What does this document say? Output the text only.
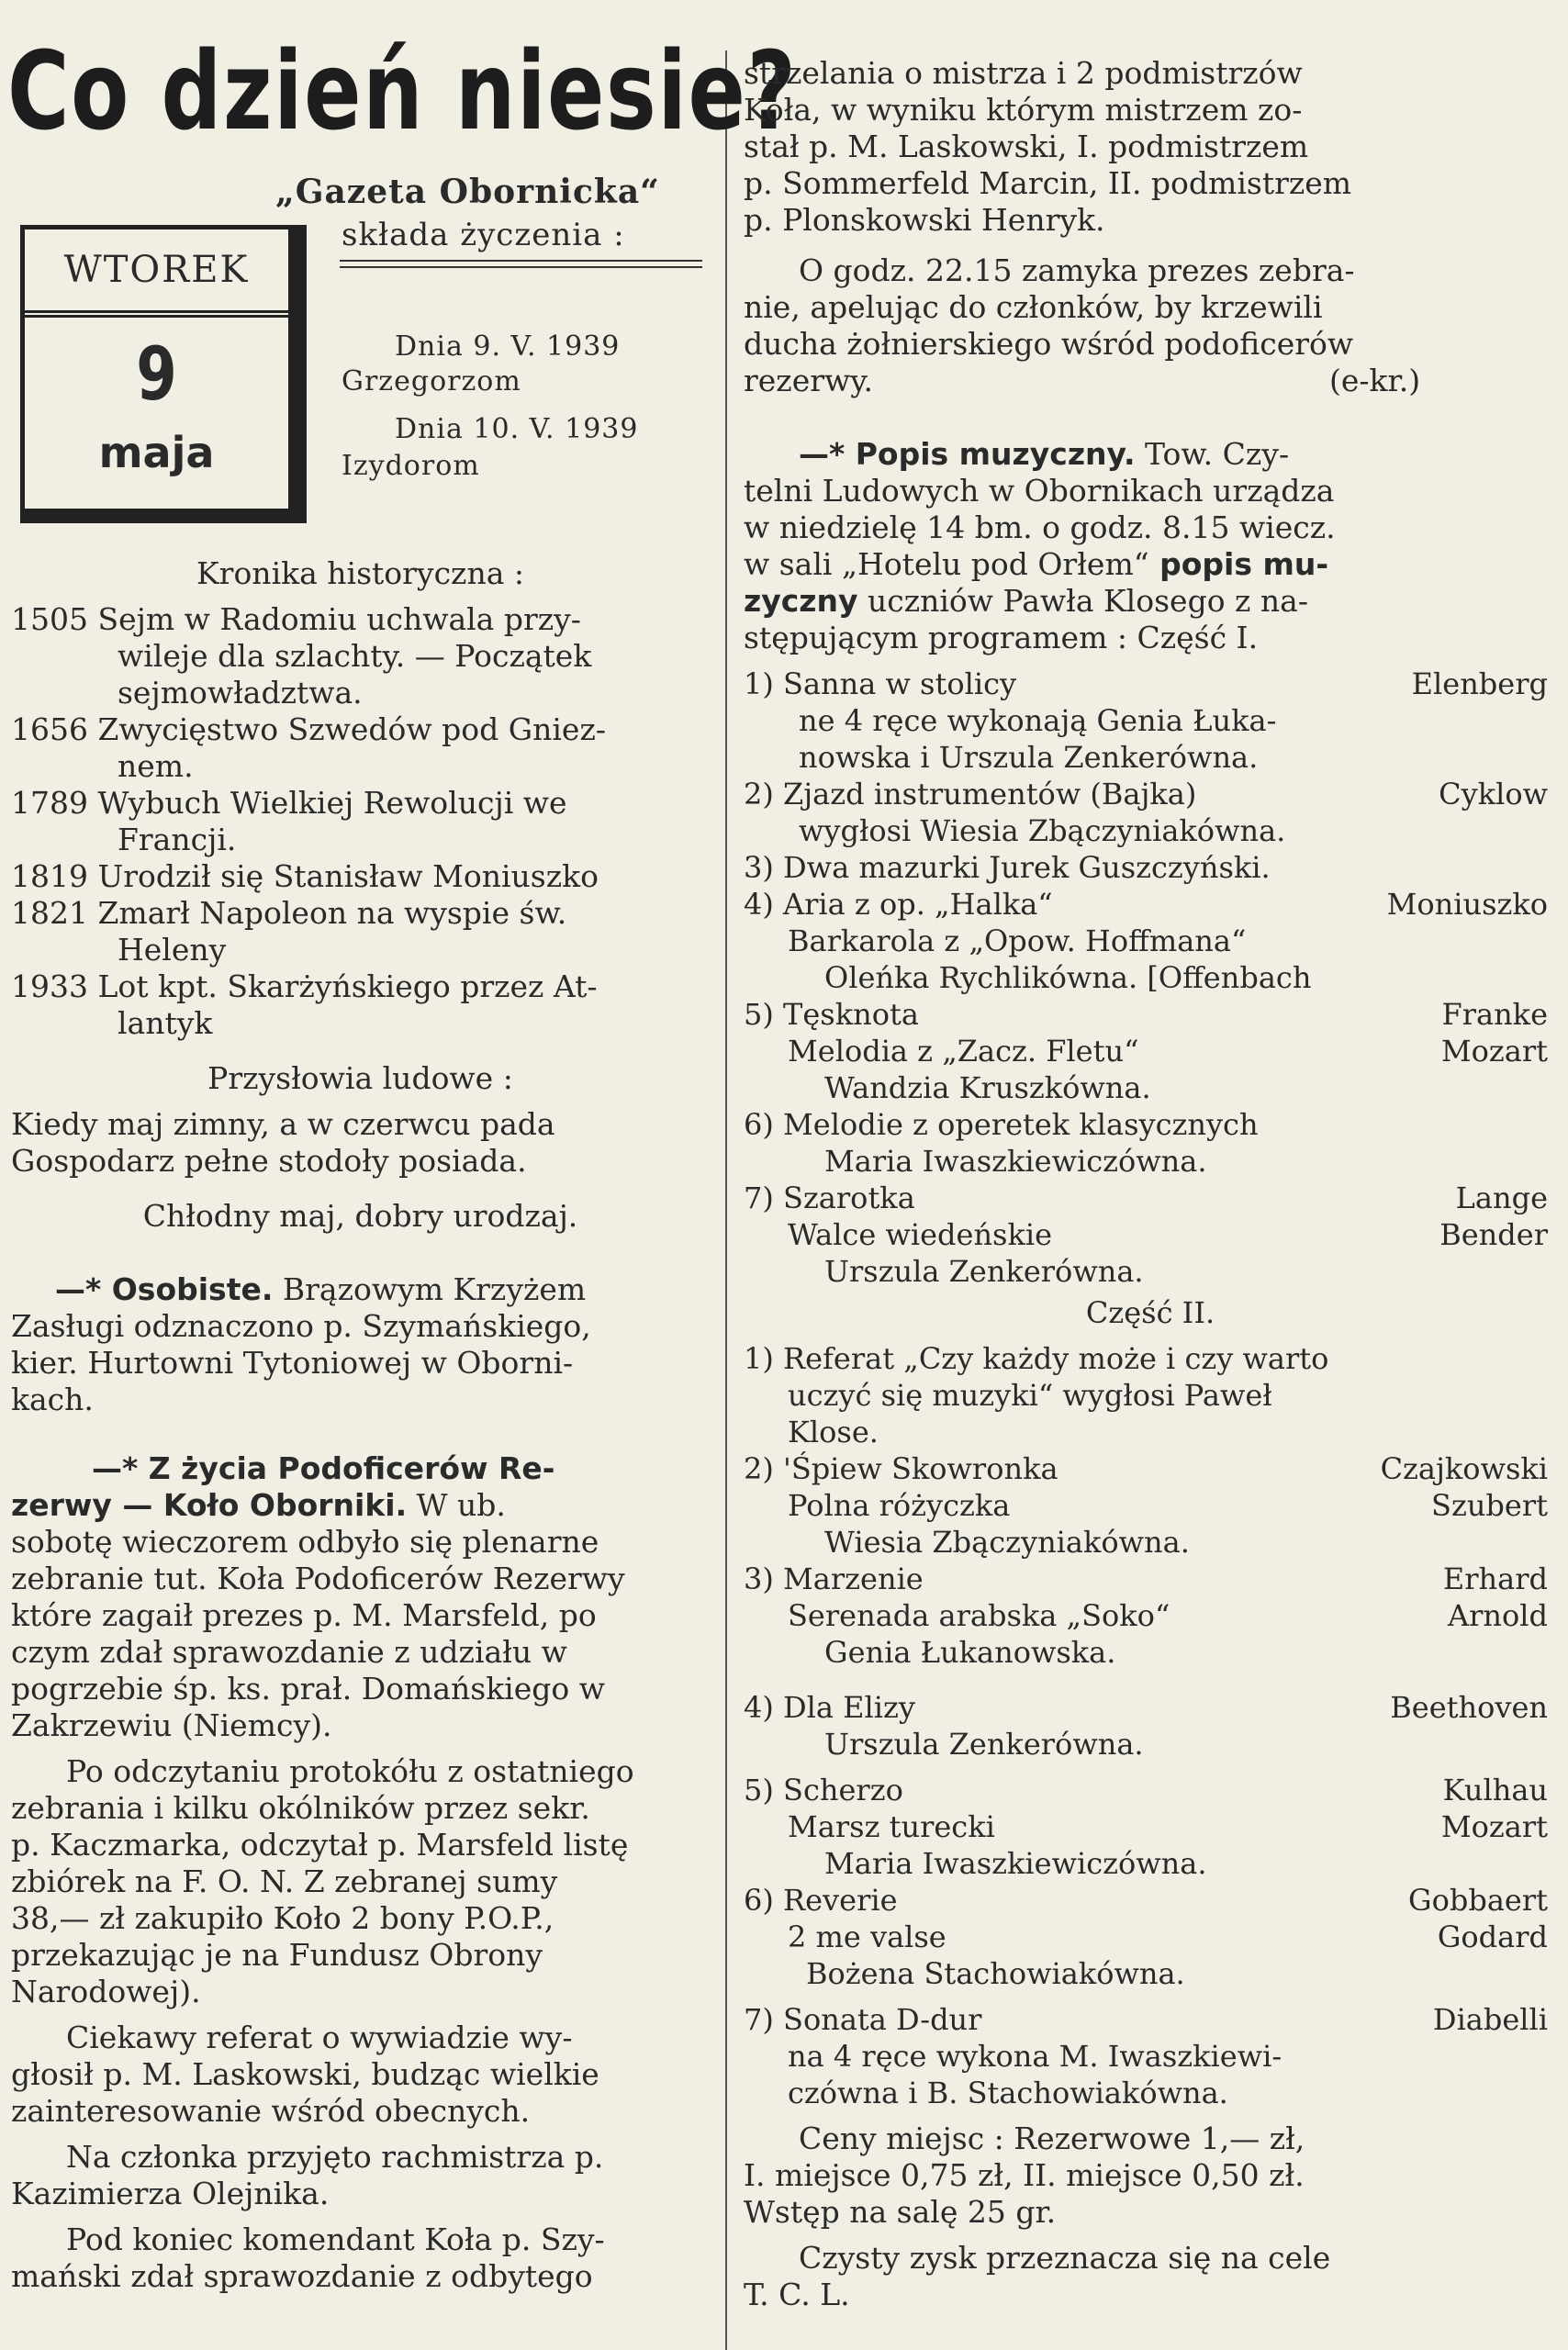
Co dzień niesie?
„Gazeta Obornicka“
składa życzenia :
WTOREK
9
maja
Dnia 9. V. 1939
Grzegorzom
Dnia 10. V. 1939
Izydorom
Kronika historyczna :
1505 Sejm w Radomiu uchwala przy-
wileje dla szlachty. — Początek
sejmowładztwa.
1656 Zwycięstwo Szwedów pod Gniez-
nem.
1789 Wybuch Wielkiej Rewolucji we
Francji.
1819 Urodził się Stanisław Moniuszko
1821 Zmarł Napoleon na wyspie św.
Heleny
1933 Lot kpt. Skarżyńskiego przez At-
lantyk
Przysłowia ludowe :
Kiedy maj zimny, a w czerwcu pada
Gospodarz pełne stodoły posiada.
Chłodny maj, dobry urodzaj.
—* Osobiste. Brązowym Krzyżem
Zasługi odznaczono p. Szymańskiego,
kier. Hurtowni Tytoniowej w Oborni-
kach.
—* Z życia Podoficerów Re-
zerwy — Koło Oborniki. W ub.
sobotę wieczorem odbyło się plenarne
zebranie tut. Koła Podoficerów Rezerwy
które zagaił prezes p. M. Marsfeld, po
czym zdał sprawozdanie z udziału w
pogrzebie śp. ks. prał. Domańskiego w
Zakrzewiu (Niemcy).
Po odczytaniu protokółu z ostatniego
zebrania i kilku okólników przez sekr.
p. Kaczmarka, odczytał p. Marsfeld listę
zbiórek na F. O. N. Z zebranej sumy
38,— zł zakupiło Koło 2 bony P.O.P.,
przekazując je na Fundusz Obrony
Narodowej).
Ciekawy referat o wywiadzie wy-
głosił p. M. Laskowski, budząc wielkie
zainteresowanie wśród obecnych.
Na członka przyjęto rachmistrza p.
Kazimierza Olejnika.
Pod koniec komendant Koła p. Szy-
mański zdał sprawozdanie z odbytego
strzelania o mistrza i 2 podmistrzów
Koła, w wyniku którym mistrzem zo-
stał p. M. Laskowski, I. podmistrzem
p. Sommerfeld Marcin, II. podmistrzem
p. Plonskowski Henryk.
O godz. 22.15 zamyka prezes zebra-
nie, apelując do członków, by krzewili
ducha żołnierskiego wśród podoficerów
rezerwy.	(e-kr.)
—* Popis muzyczny. Tow. Czy-
telni Ludowych w Obornikach urządza
w niedzielę 14 bm. o godz. 8.15 wiecz.
w sali „Hotelu pod Orłem“ popis mu-
zyczny uczniów Pawła Klosego z na-
stępującym programem : Część I.
1) Sanna w stolicy	Elenberg
ne 4 ręce wykonają Genia Łuka-
nowska i Urszula Zenkerówna.
2) Zjazd instrumentów (Bajka)	Cyklow
wygłosi Wiesia Zbączyniakówna.
3) Dwa mazurki Jurek Guszczyński.
4) Aria z op. „Halka“	Moniuszko
Barkarola z „Opow. Hoffmana“
Oleńka Rychlikówna. [Offenbach
5) Tęsknota	Franke
Melodia z „Zacz. Fletu“	Mozart
Wandzia Kruszkówna.
6) Melodie z operetek klasycznych
Maria Iwaszkiewiczówna.
7) Szarotka	Lange
Walce wiedeńskie	Bender
Urszula Zenkerówna.
Część II.
1) Referat „Czy każdy może i czy warto
uczyć się muzyki“ wygłosi Paweł
Klose.
2) 'Śpiew Skowronka	Czajkowski
Polna różyczka	Szubert
Wiesia Zbączyniakówna.
3) Marzenie	Erhard
Serenada arabska „Soko“	Arnold
Genia Łukanowska.
4) Dla Elizy	Beethoven
Urszula Zenkerówna.
5) Scherzo	Kulhau
Marsz turecki	Mozart
Maria Iwaszkiewiczówna.
6) Reverie	Gobbaert
2 me valse	Godard
Bożena Stachowiakówna.
7) Sonata D-dur	Diabelli
na 4 ręce wykona M. Iwaszkiewi-
czówna i B. Stachowiakówna.
Ceny miejsc : Rezerwowe 1,— zł,
I. miejsce 0,75 zł, II. miejsce 0,50 zł.
Wstęp na salę 25 gr.
Czysty zysk przeznacza się na cele
T. C. L.
